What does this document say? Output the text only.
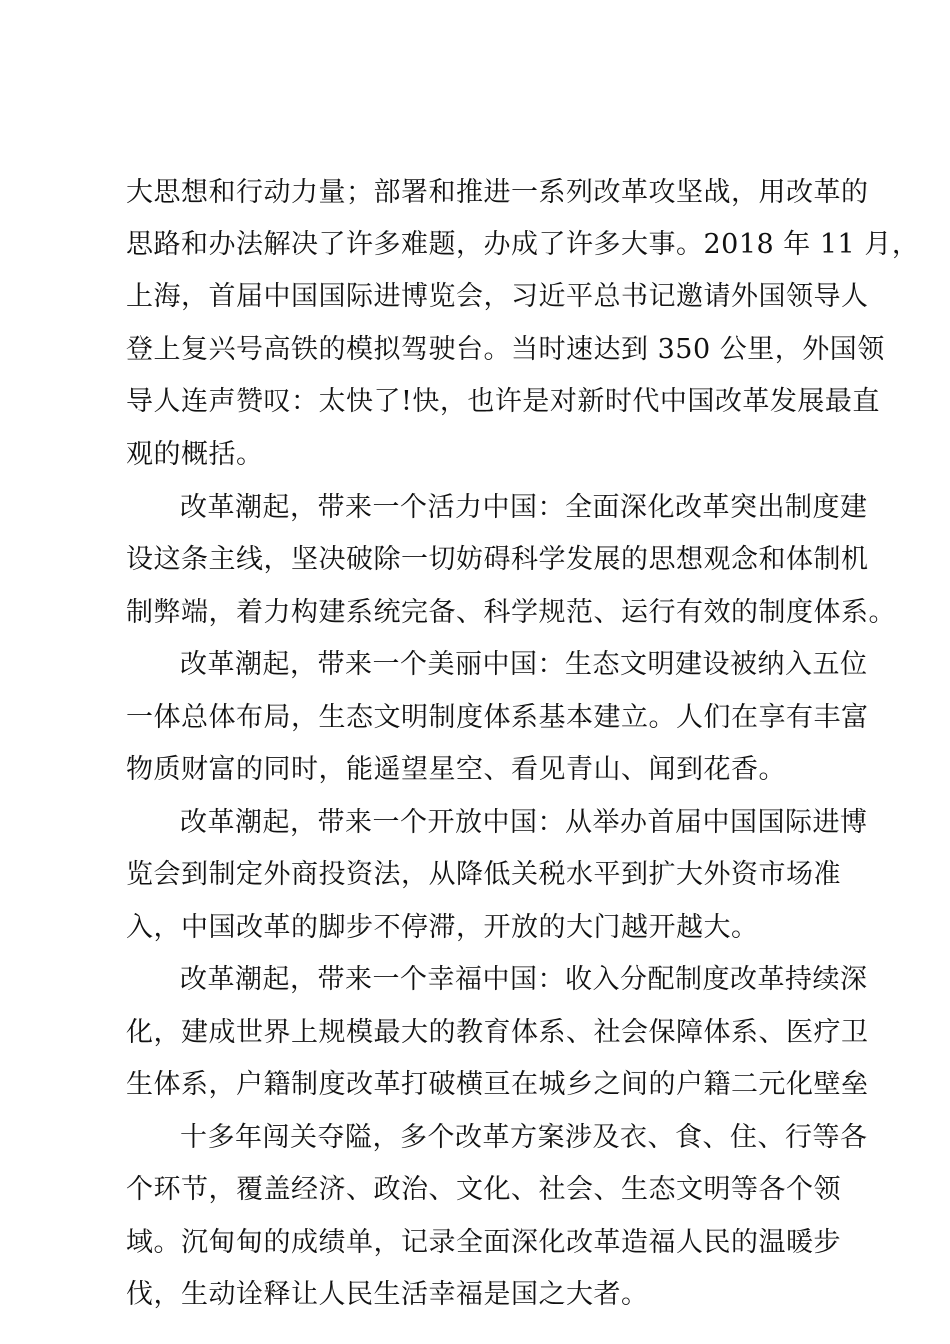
大思想和行动力量；部署和推进一系列改革攻坚战，用改革的
思路和办法解决了许多难题，办成了许多大事。2018 年 11 月，
上海，首届中国国际进博览会，习近平总书记邀请外国领导人
登上复兴号高铁的模拟驾驶台。当时速达到 350 公里，外国领
导人连声赞叹：太快了!快，也许是对新时代中国改革发展最直
观的概括。
改革潮起，带来一个活力中国：全面深化改革突出制度建
设这条主线，坚决破除一切妨碍科学发展的思想观念和体制机
制弊端，着力构建系统完备、科学规范、运行有效的制度体系。
改革潮起，带来一个美丽中国：生态文明建设被纳入五位
一体总体布局，生态文明制度体系基本建立。人们在享有丰富
物质财富的同时，能遥望星空、看见青山、闻到花香。
改革潮起，带来一个开放中国：从举办首届中国国际进博
览会到制定外商投资法，从降低关税水平到扩大外资市场准
入，中国改革的脚步不停滞，开放的大门越开越大。
改革潮起，带来一个幸福中国：收入分配制度改革持续深
化，建成世界上规模最大的教育体系、社会保障体系、医疗卫
生体系，户籍制度改革打破横亘在城乡之间的户籍二元化壁垒
十多年闯关夺隘，多个改革方案涉及衣、食、住、行等各
个环节，覆盖经济、政治、文化、社会、生态文明等各个领
域。沉甸甸的成绩单，记录全面深化改革造福人民的温暖步
伐，生动诠释让人民生活幸福是国之大者。
